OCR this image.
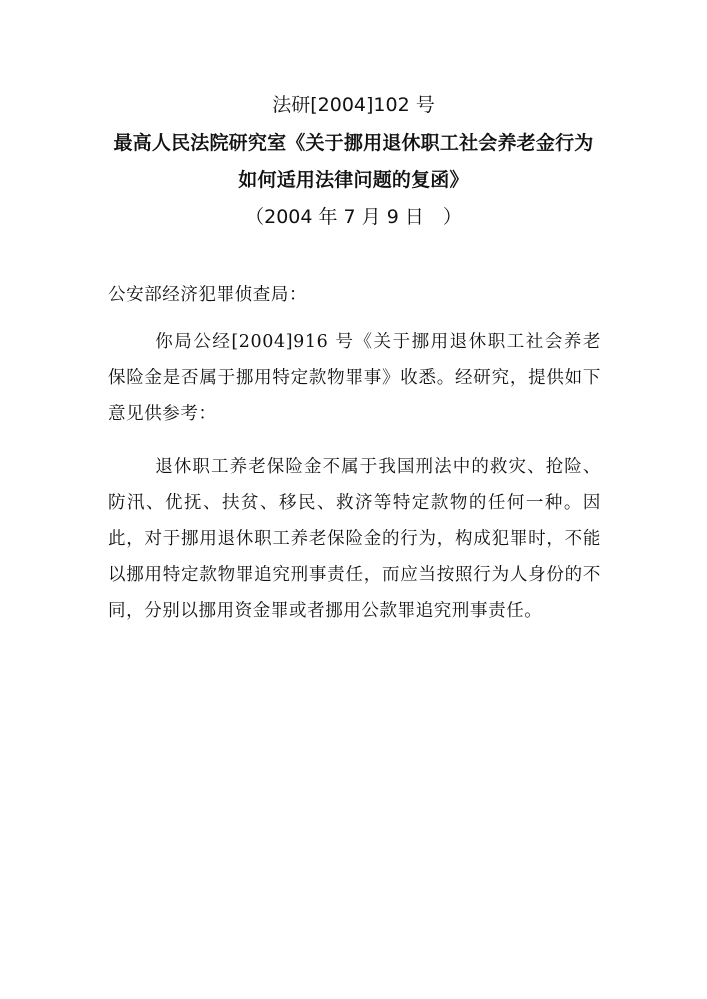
法研[2004]102 号
最高人民法院研究室《关于挪用退休职工社会养老金行为
如何适用法律问题的复函》
（2004 年 7 月 9 日　）
公安部经济犯罪侦查局：
你局公经[2004]916 号《关于挪用退休职工社会养老保险金是否属于挪用特定款物罪事》收悉。经研究，提供如下意见供参考：
退休职工养老保险金不属于我国刑法中的救灾、抢险、防汛、优抚、扶贫、移民、救济等特定款物的任何一种。因此，对于挪用退休职工养老保险金的行为，构成犯罪时，不能以挪用特定款物罪追究刑事责任，而应当按照行为人身份的不同，分别以挪用资金罪或者挪用公款罪追究刑事责任。
